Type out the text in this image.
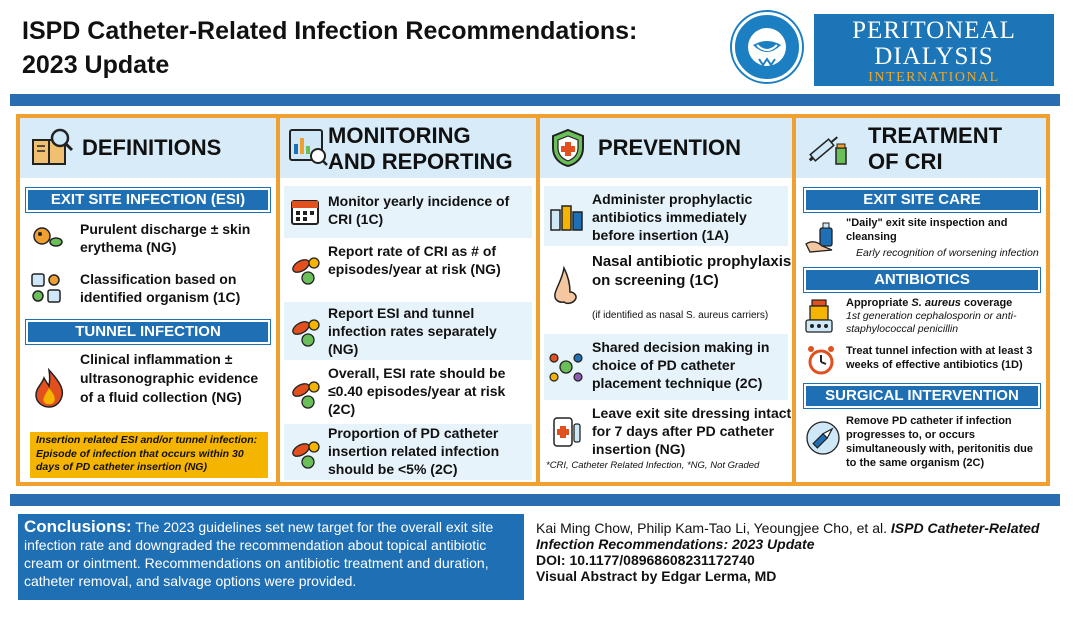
ISPD Catheter-Related Infection Recommendations:
2023 Update
PERITONEAL
DIALYSIS
INTERNATIONAL
DEFINITIONS
EXIT SITE INFECTION (ESI)
Purulent discharge ± skin erythema (NG)
Classification based on identified organism (1C)
TUNNEL INFECTION
Clinical inflammation ± ultrasonographic evidence of a fluid collection (NG)
Insertion related ESI and/or tunnel infection: Episode of infection that occurs within 30 days of PD catheter insertion (NG)
MONITORING
AND REPORTING
Monitor yearly incidence of CRI (1C)
Report rate of CRI as # of episodes/year at risk (NG)
Report ESI and tunnel infection rates separately (NG)
Overall, ESI rate should be ≤0.40 episodes/year at risk (2C)
Proportion of PD catheter insertion related infection should be <5% (2C)
PREVENTION
Administer prophylactic antibiotics immediately before insertion (1A)
Nasal antibiotic prophylaxis on screening (1C)
(if identified as nasal S. aureus carriers)
Shared decision making in choice of PD catheter placement technique (2C)
Leave exit site dressing intact for 7 days after PD catheter insertion (NG)
*CRI, Catheter Related Infection, *NG, Not Graded
TREATMENT
OF CRI
EXIT SITE CARE
"Daily" exit site inspection and cleansing
Early recognition of worsening infection
ANTIBIOTICS
Appropriate S. aureus coverage
1st generation cephalosporin or anti-staphylococcal penicillin
Treat tunnel infection with at least 3 weeks of effective antibiotics (1D)
SURGICAL INTERVENTION
Remove PD catheter if infection progresses to, or occurs simultaneously with, peritonitis due to the same organism (2C)
Conclusions: The 2023 guidelines set new target for the overall exit site infection rate and downgraded the recommendation about topical antibiotic cream or ointment. Recommendations on antibiotic treatment and duration, catheter removal, and salvage options were provided.
Kai Ming Chow, Philip Kam-Tao Li, Yeoungjee Cho, et al. ISPD Catheter-Related Infection Recommendations: 2023 Update
DOI: 10.1177/08968608231172740
Visual Abstract by Edgar Lerma, MD
